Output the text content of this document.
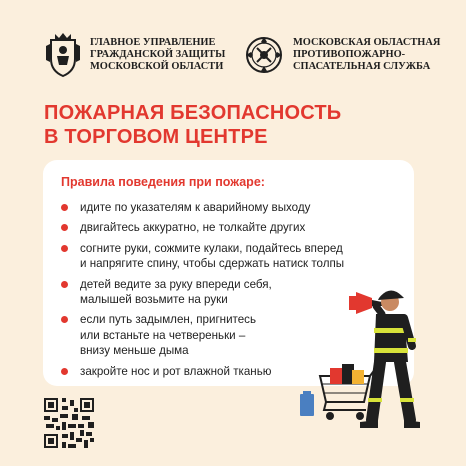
ГЛАВНОЕ УПРАВЛЕНИЕ
ГРАЖДАНСКОЙ ЗАЩИТЫ
МОСКОВСКОЙ ОБЛАСТИ
МОСКОВСКАЯ ОБЛАСТНАЯ
ПРОТИВОПОЖАРНО-
СПАСАТЕЛЬНАЯ СЛУЖБА
ПОЖАРНАЯ БЕЗОПАСНОСТЬ
В ТОРГОВОМ ЦЕНТРЕ
Правила поведения при пожаре:
идите по указателям к аварийному выходу
двигайтесь аккуратно, не толкайте других
согните руки, сожмите кулаки, подайтесь вперед
и напрягите спину, чтобы сдержать натиск толпы
детей ведите за руку впереди себя,
малышей возьмите на руки
если путь задымлен, пригнитесь
или встаньте на четвереньки –
внизу меньше дыма
закройте нос и рот влажной тканью
